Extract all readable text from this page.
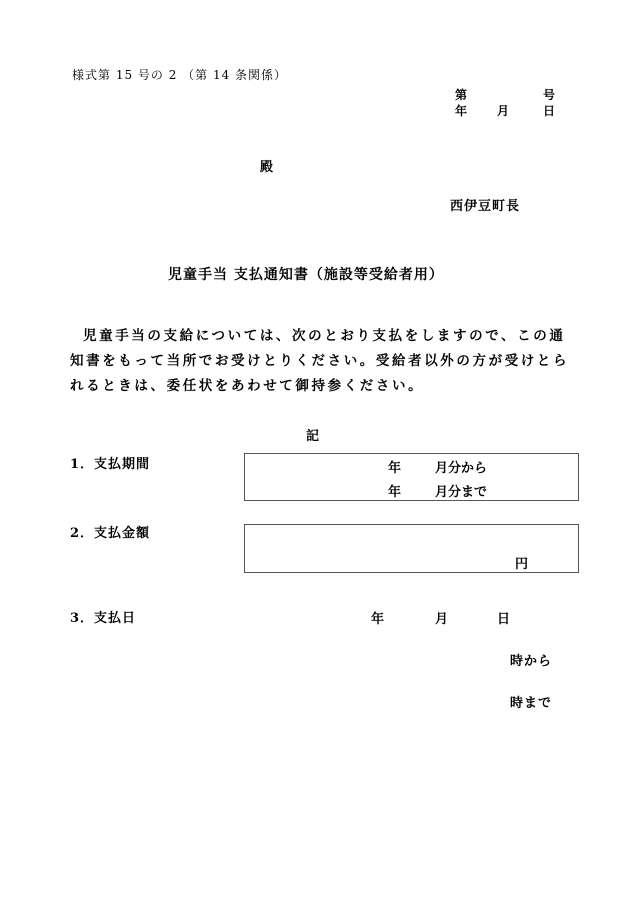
様式第 15 号の 2 （第 14 条関係）
第	号
年 月	日
殿
西伊豆町長
児童手当 支払通知書（施設等受給者用）
児童手当の支給については、次のとおり支払をしますので、この通知書をもって当所でお受けとりください。受給者以外の方が受けとられるときは、委任状をあわせて御持参ください。
記
1．支払期間	年	月分から
年	月分まで
2．支払金額
円
3．支払日	年	月	日
時から
時まで
